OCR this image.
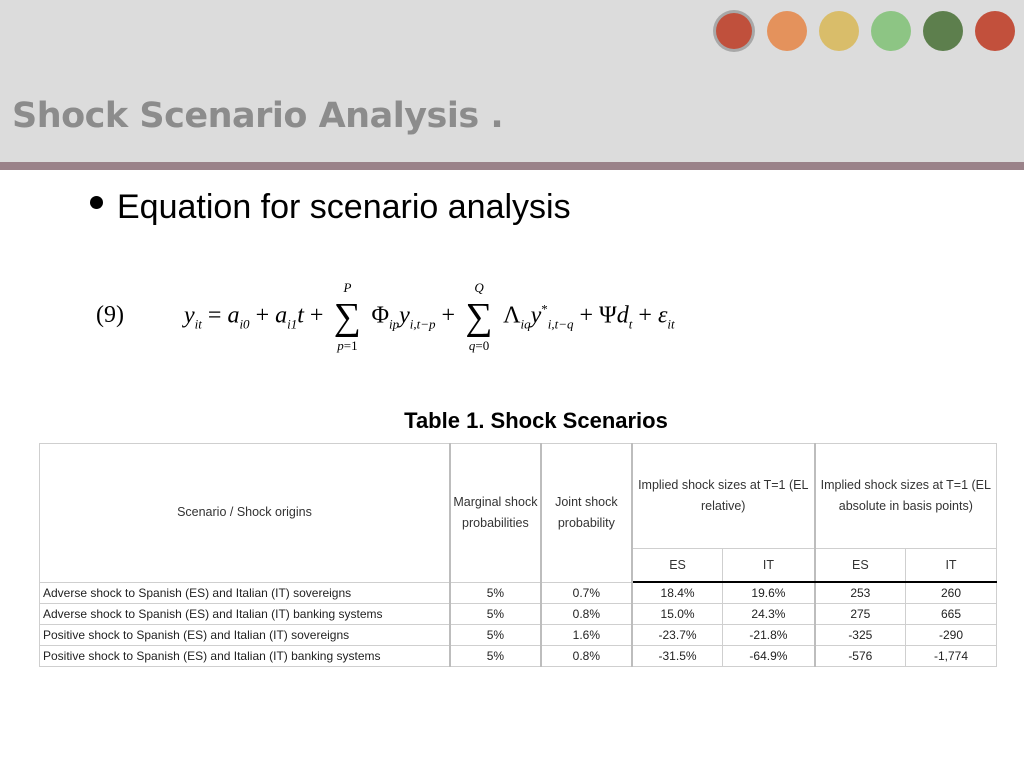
Shock Scenario Analysis .
Equation for scenario analysis
(9)	$y_{it} = a_{i0} + a_{i1}t$ +
P
∑
p=1
$\Phi_{ip}y_{i,t-p}$ +
Q
∑
q=0
$\Lambda_{iq}y^*_{i,t-q} + \Psi d_t + \varepsilon_{it}$
Table 1. Shock Scenarios
Scenario / Shock origins	Marginal shock probabilities	Joint shock probability	Implied shock sizes at T=1 (EL relative)		Implied shock sizes at T=1 (EL absolute in basis points)	
			ES	IT	ES	IT
Adverse shock to Spanish (ES) and Italian (IT) sovereigns	5%	0.7%	18.4%	19.6%	253	260
Adverse shock to Spanish (ES) and Italian (IT) banking systems	5%	0.8%	15.0%	24.3%	275	665
Positive shock to Spanish (ES) and Italian (IT) sovereigns	5%	1.6%	-23.7%	-21.8%	-325	-290
Positive shock to Spanish (ES) and Italian (IT) banking systems	5%	0.8%	-31.5%	-64.9%	-576	-1,774
